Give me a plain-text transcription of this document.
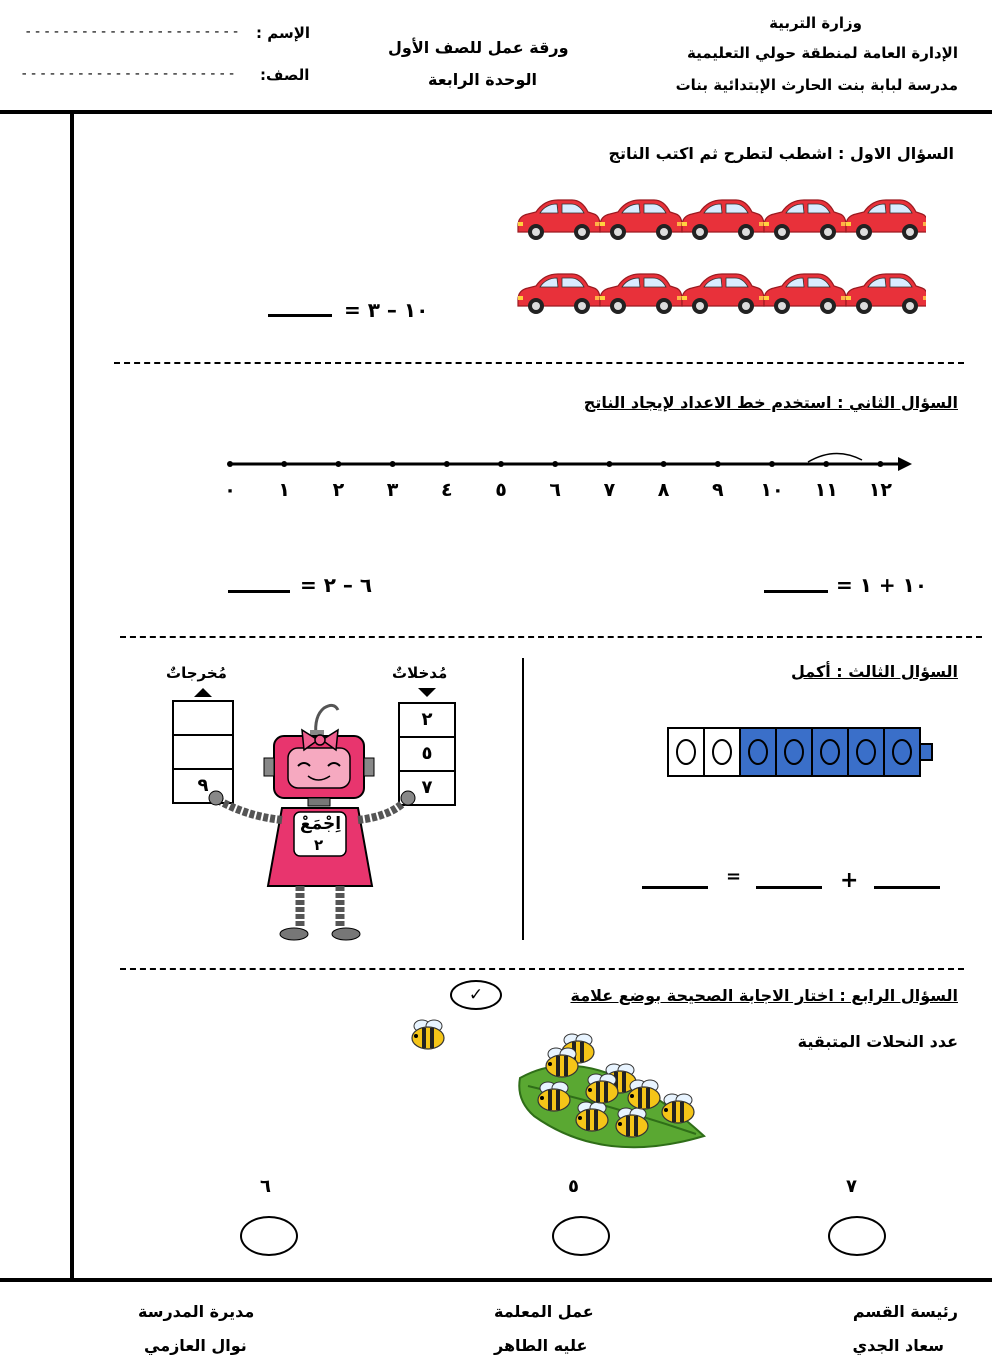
وزارة التربية
الإدارة العامة لمنطقة حولي التعليمية
مدرسة لبابة بنت الحارث الإبتدائية بنات
ورقة عمل للصف الأول
الوحدة الرابعة
الإسم :
-----------------------
الصف:
-----------------------
السؤال الاول : اشطب لتطرح ثم اكتب الناتج
١٠ – ٣ =
السؤال الثاني : استخدم خط الاعداد لإيجاد الناتج
٠ ١ ٢ ٣ ٤ ٥ ٦ ٧ ٨ ٩ ١٠ ١١ ١٢
١٠ + ١ =
٦ – ٢ =
السؤال الثالث : أكمل
=	+
مُدخلاتٌ
مُخرجاتٌ
٢
٥
٧
٩
اِجْمَعْ
٢
السؤال الرابع : اختار الاجابة الصحيحة بوضع علامة
✓
عدد النحلات المتبقية
٧
٥
٦
رئيسة القسم
سعاد الجدي
عمل المعلمة
عليه الطاهر
مديرة المدرسة
نوال العازمي
